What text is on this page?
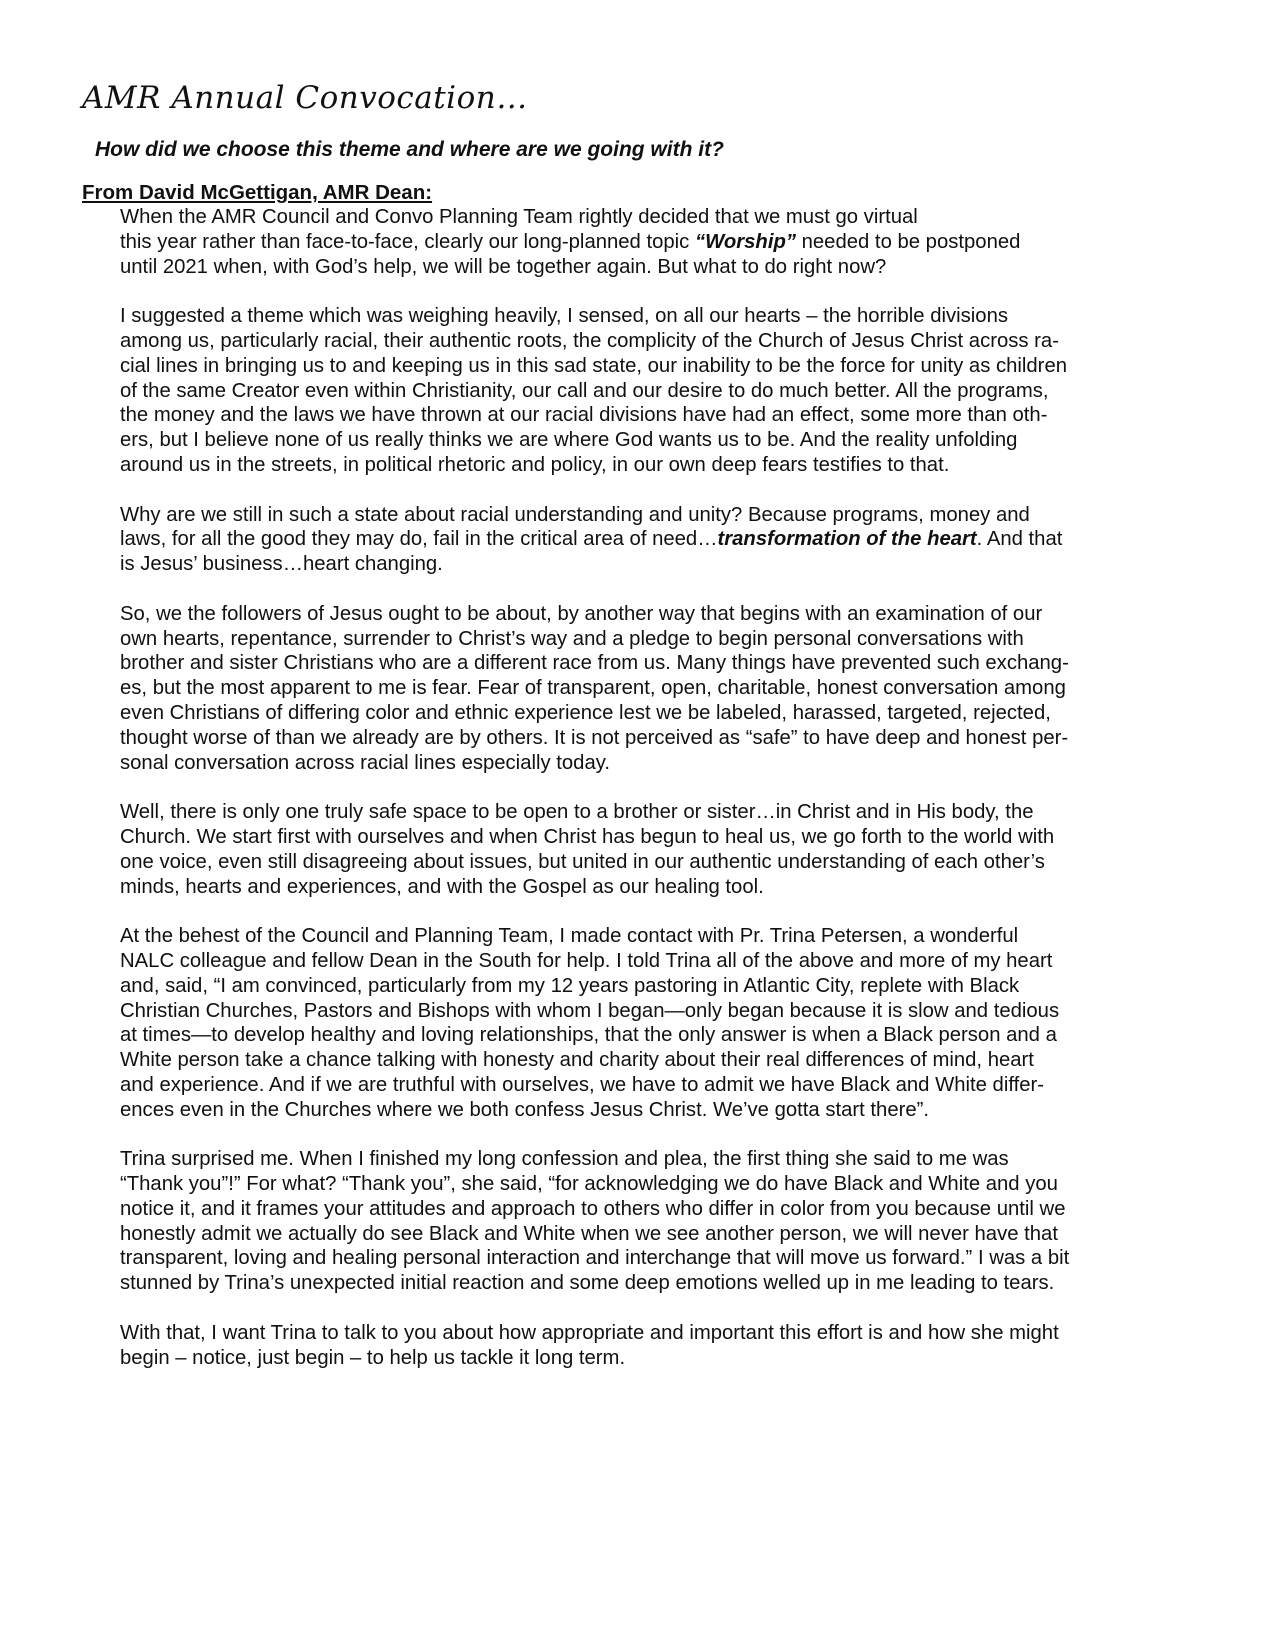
AMR Annual Convocation…
How did we choose this theme and where are we going with it?
From David McGettigan, AMR Dean:

When the AMR Council and Convo Planning Team rightly decided that we must go virtual
this year rather than face-to-face, clearly our long-planned topic “Worship” needed to be postponed
until 2021 when, with God’s help, we will be together again. But what to do right now?

I suggested a theme which was weighing heavily, I sensed, on all our hearts – the horrible divisions
among us, particularly racial, their authentic roots, the complicity of the Church of Jesus Christ across ra-
cial lines in bringing us to and keeping us in this sad state, our inability to be the force for unity as children
of the same Creator even within Christianity, our call and our desire to do much better. All the programs,
the money and the laws we have thrown at our racial divisions have had an effect, some more than oth-
ers, but I believe none of us really thinks we are where God wants us to be. And the reality unfolding
around us in the streets, in political rhetoric and policy, in our own deep fears testifies to that.

Why are we still in such a state about racial understanding and unity? Because programs, money and
laws, for all the good they may do, fail in the critical area of need…transformation of the heart. And that
is Jesus’ business…heart changing.

So, we the followers of Jesus ought to be about, by another way that begins with an examination of our
own hearts, repentance, surrender to Christ’s way and a pledge to begin personal conversations with
brother and sister Christians who are a different race from us. Many things have prevented such exchang-
es, but the most apparent to me is fear. Fear of transparent, open, charitable, honest conversation among
even Christians of differing color and ethnic experience lest we be labeled, harassed, targeted, rejected,
thought worse of than we already are by others. It is not perceived as “safe” to have deep and honest per-
sonal conversation across racial lines especially today.

Well, there is only one truly safe space to be open to a brother or sister…in Christ and in His body, the
Church. We start first with ourselves and when Christ has begun to heal us, we go forth to the world with
one voice, even still disagreeing about issues, but united in our authentic understanding of each other’s
minds, hearts and experiences, and with the Gospel as our healing tool.

At the behest of the Council and Planning Team, I made contact with Pr. Trina Petersen, a wonderful
NALC colleague and fellow Dean in the South for help. I told Trina all of the above and more of my heart
and, said, “I am convinced, particularly from my 12 years pastoring in Atlantic City, replete with Black
Christian Churches, Pastors and Bishops with whom I began—only began because it is slow and tedious
at times—to develop healthy and loving relationships, that the only answer is when a Black person and a
White person take a chance talking with honesty and charity about their real differences of mind, heart
and experience. And if we are truthful with ourselves, we have to admit we have Black and White differ-
ences even in the Churches where we both confess Jesus Christ. We’ve gotta start there”.

Trina surprised me. When I finished my long confession and plea, the first thing she said to me was
“Thank you”!” For what? “Thank you”, she said, “for acknowledging we do have Black and White and you
notice it, and it frames your attitudes and approach to others who differ in color from you because until we
honestly admit we actually do see Black and White when we see another person, we will never have that
transparent, loving and healing personal interaction and interchange that will move us forward.” I was a bit
stunned by Trina’s unexpected initial reaction and some deep emotions welled up in me leading to tears.

With that, I want Trina to talk to you about how appropriate and important this effort is and how she might
begin – notice, just begin – to help us tackle it long term.
